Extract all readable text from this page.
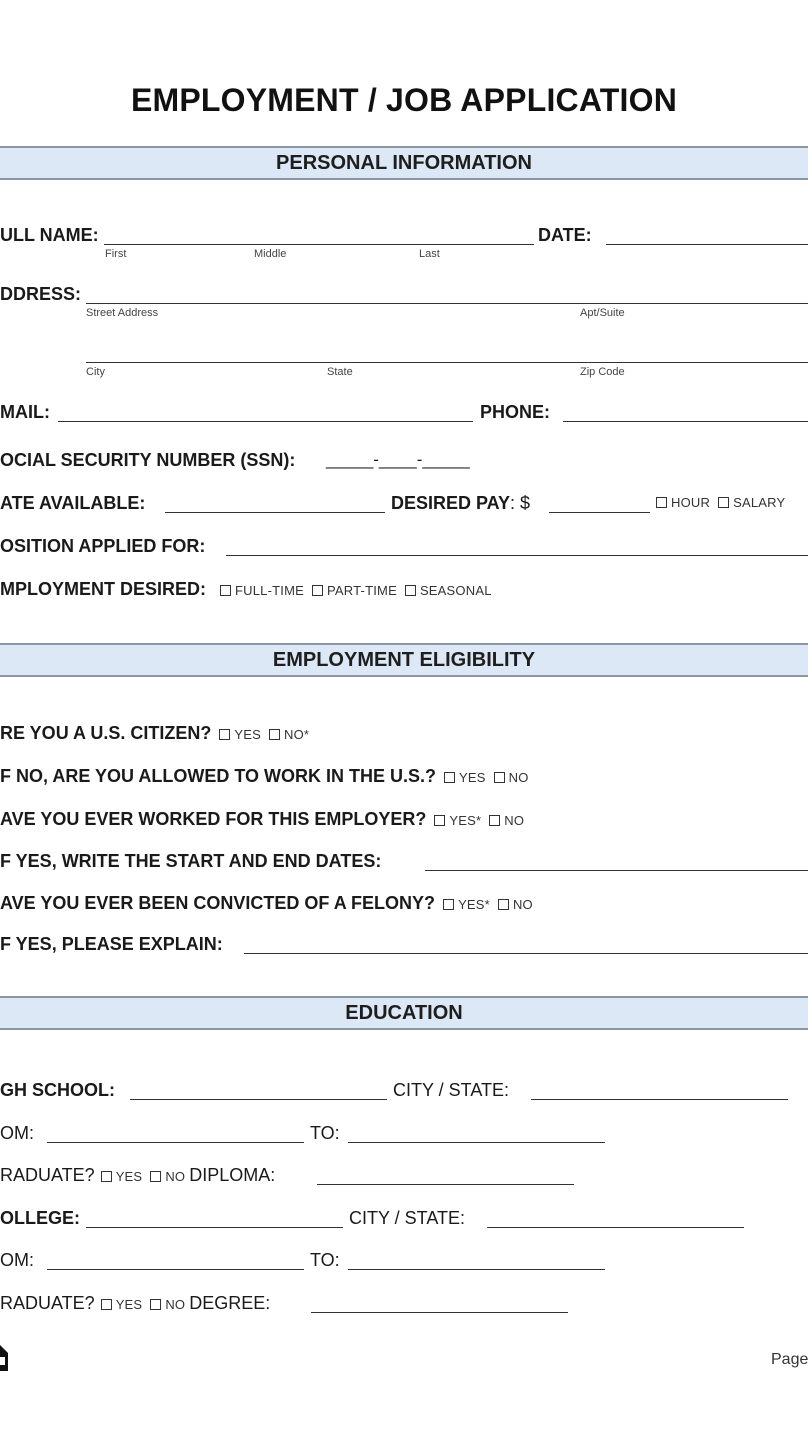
EMPLOYMENT / JOB APPLICATION
PERSONAL INFORMATION
ULL NAME:	DATE:
First	Middle	Last
DDRESS:
Street Address	Apt/Suite
City	State	Zip Code
MAIL:	PHONE:
OCIAL SECURITY NUMBER (SSN): _____-____-_____
ATE AVAILABLE:	DESIRED PAY: $	HOUR SALARY
OSITION APPLIED FOR:
MPLOYMENT DESIRED: FULL-TIME PART-TIME SEASONAL
EMPLOYMENT ELIGIBILITY
RE YOU A U.S. CITIZEN? YES NO*
F NO, ARE YOU ALLOWED TO WORK IN THE U.S.? YES NO
AVE YOU EVER WORKED FOR THIS EMPLOYER? YES* NO
F YES, WRITE THE START AND END DATES:
AVE YOU EVER BEEN CONVICTED OF A FELONY? YES* NO
F YES, PLEASE EXPLAIN:
EDUCATION
GH SCHOOL:	CITY / STATE:
OM:	TO:
RADUATE? YES NO DIPLOMA:
OLLEGE:	CITY / STATE:
OM:	TO:
RADUATE? YES NO DEGREE:
Page
